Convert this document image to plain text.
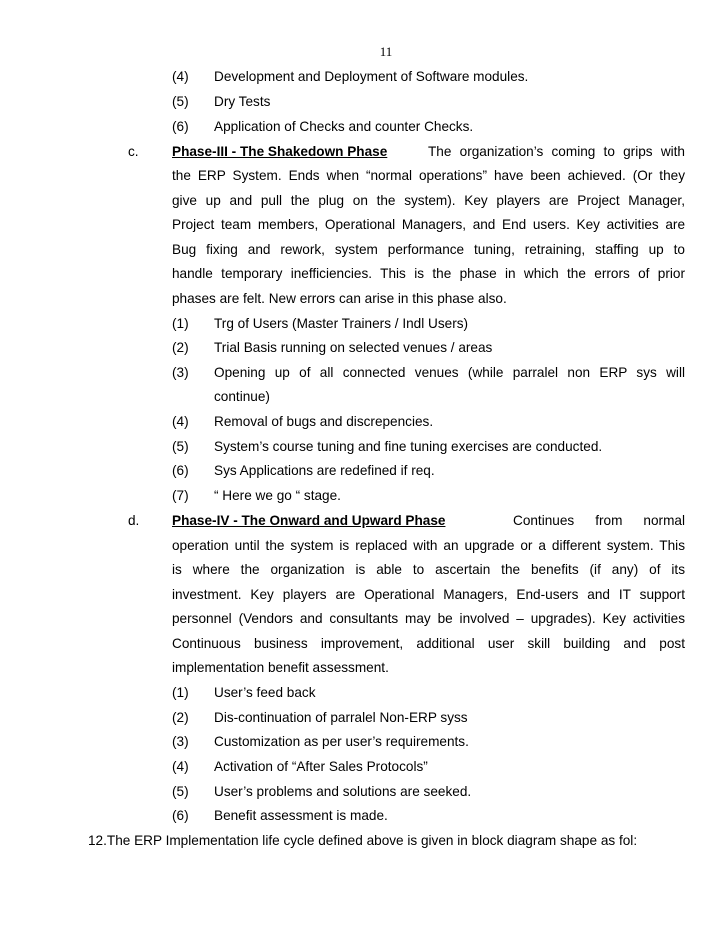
11
(4) Development and Deployment of Software modules.
(5) Dry Tests
(6) Application of Checks and counter Checks.
c. Phase-III - The Shakedown Phase	The organization’s coming to grips with
the ERP System. Ends when “normal operations” have been achieved. (Or they
give up and pull the plug on the system). Key players are Project Manager,
Project team members, Operational Managers, and End users. Key activities are
Bug fixing and rework, system performance tuning, retraining, staffing up to
handle temporary inefficiencies. This is the phase in which the errors of prior
phases are felt. New errors can arise in this phase also.
(1) Trg of Users (Master Trainers / Indl Users)
(2) Trial Basis running on selected venues / areas
(3) Opening up of all connected venues (while parralel non ERP sys will
continue)
(4) Removal of bugs and discrepencies.
(5) System’s course tuning and fine tuning exercises are conducted.
(6) Sys Applications are redefined if req.
(7) “ Here we go “ stage.
d. Phase-IV - The Onward and Upward Phase	Continues from normal
operation until the system is replaced with an upgrade or a different system. This
is where the organization is able to ascertain the benefits (if any) of its
investment. Key players are Operational Managers, End-users and IT support
personnel (Vendors and consultants may be involved – upgrades). Key activities
Continuous business improvement, additional user skill building and post
implementation benefit assessment.
(1) User’s feed back
(2) Dis-continuation of parralel Non-ERP syss
(3) Customization as per user’s requirements.
(4) Activation of “After Sales Protocols”
(5) User’s problems and solutions are seeked.
(6) Benefit assessment is made.
12.The ERP Implementation life cycle defined above is given in block diagram shape as fol:
